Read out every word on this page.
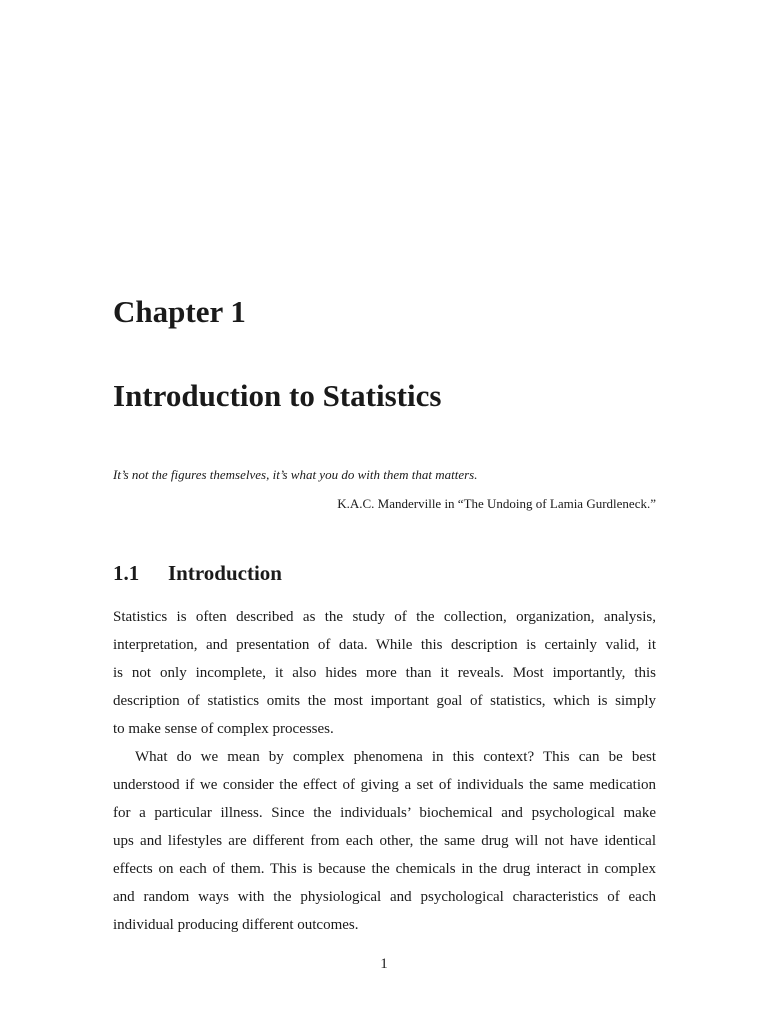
Chapter 1
Introduction to Statistics
It’s not the figures themselves, it’s what you do with them that matters.
K.A.C. Manderville in “The Undoing of Lamia Gurdleneck.”
1.1 Introduction
Statistics is often described as the study of the collection, organization, analysis,
interpretation, and presentation of data. While this description is certainly valid, it
is not only incomplete, it also hides more than it reveals. Most importantly, this
description of statistics omits the most important goal of statistics, which is simply
to make sense of complex processes.
What do we mean by complex phenomena in this context? This can be best
understood if we consider the effect of giving a set of individuals the same medication
for a particular illness. Since the individuals’ biochemical and psychological make
ups and lifestyles are different from each other, the same drug will not have identical
effects on each of them. This is because the chemicals in the drug interact in complex
and random ways with the physiological and psychological characteristics of each
individual producing different outcomes.
1
